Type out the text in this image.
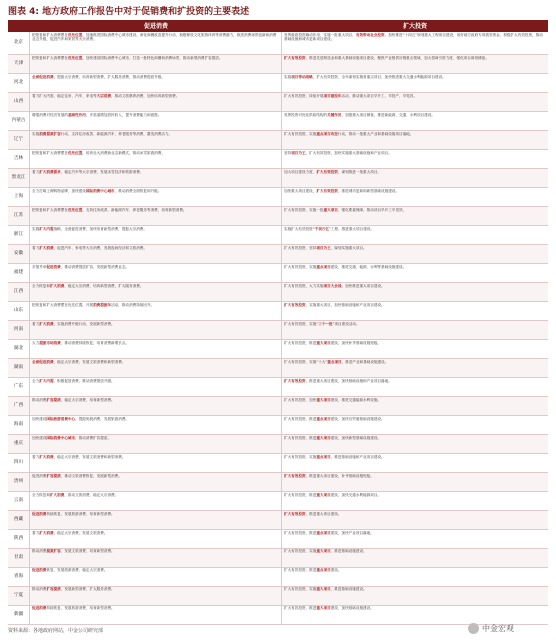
图表 4: 地方政府工作报告中对于促销费和扩投资的主要表述
促进消费	扩大投资
北京
把恢复和扩大消费摆在优先位置，加速推进国际消费中心城市建设。深化商圈改造提升行动，积极释放文化旅游体育等消费潜力，推进消费场景创新和消费业态升级，促进汽车和家居等大宗消费。
发挥政府投资撬动作用，实施一批重大项目，有效带动社会投资。加快推进“十四五”规划重大工程项目建设，用好地方政府专项债券资金，积极扩大有效投资，推动基础设施和城市更新项目建设。
天津
把恢复和扩大消费摆在优先位置，加快建设国际消费中心城市，打造一批特色商圈和消费场景，推动新型消费扩容提质。	扩大有效投资，推进先进制造业和重大基础设施项目建设，聚焦产业链供应链重点领域，加大招商引资力度，强化项目谋划储备。
河北
全面促进消费，提振大宗消费，培育新型消费，扩大服务消费，推动消费提质升级。	实施项目带动战略，扩大有效投资，全年谋划实施省重点项目，加快推进重大交通水利能源项目建设。
山西
着力扩大内需，稳定住房、汽车、家电等大宗消费，推动文旅康养消费，加快培育新型消费。	扩大有效投资，持续开展项目建设年活动，推动重大项目早开工、早投产、早见效。
内蒙古
增强消费对经济发展的基础性作用，多渠道增加居民收入，提升消费能力和意愿。	发挥投资对优化供给结构的关键作用，加强重大项目储备，推进新能源、交通、水利项目建设。
辽宁
实施消费提质扩容行动，支持住房改善、新能源汽车、养老服务等消费，激发消费活力。	扩大有效投资，实施重点项目攻坚行动，推动一批重大产业和基础设施项目落地。
吉林
把恢复和扩大消费摆在优先位置，培育壮大消费新业态新模式，推动冰雪旅游消费。	坚持项目为王，扩大有效投资，加快实施重大基础设施和产业项目。
黑龙江
着力扩大消费需求，稳定汽车等大宗消费，发展冰雪经济和旅游消费。	加大项目建设力度，扩大有效投资，谋划推进一批重大项目。
上海
全力打响上海购物品牌，加快建设国际消费中心城市，推动消费全面恢复和升级。	加快重大项目建设，扩大有效投资，推进城市更新和新型基础设施建设。
江苏
把恢复和扩大消费摆在优先位置，支持住房改善、新能源汽车、养老服务等消费，培育新型消费。	扩大有效投资，实施一批重大项目，强化要素保障，推动项目早开工早见效。
浙江
实施扩大内需战略，全面促进消费，加快培育新型消费，提振大宗消费。	实施扩大有效投资“千项万亿”工程，推进重大项目建设。
安徽
着力扩大消费，促进汽车、家电等大宗消费，发展夜间经济和文旅消费。	扩大有效投资，坚持项目为王，谋划实施重大项目。
福建
多措并举促进消费，推动消费提质扩容，发展新型消费业态。	扩大有效投资，实施重点项目建设，推进交通、能源、水利等基础设施建设。
江西
全力恢复和扩大消费，稳定大宗消费，培育新型消费，扩大服务消费。	扩大有效投资，大力实施项目大会战，加快推进重大项目建设。
山东
把恢复和扩大消费摆在优先位置，开展消费提振年活动，推动消费持续回升。	扩大有效投资，实施重大项目，加快基础设施和产业项目建设。
河南
着力扩大消费，实施消费升级行动，发展新型消费。	扩大有效投资，实施“三个一批”项目建设活动。
湖北
大力提振市场消费，推动消费持续恢复，培育消费新增长点。	扩大有效投资，推进重大项目建设，加快补齐基础设施短板。
湖南
全面促进消费，稳定大宗消费，发展文旅消费和新型消费。	扩大有效投资，实施“十大”重点项目，推进产业和基础设施建设。
广东
全力扩大内需，积极促进消费，推动消费提质升级。	扩大有效投资，推进重大项目建设，加快基础设施和产业项目落地。
广西
推动消费扩容提质，稳定大宗消费，培育新型消费。	扩大有效投资，加快重大项目建设，推进交通能源水利设施。
海南
加快建设国际旅游消费中心，提振免税消费，发展旅游消费。	扩大有效投资，推进重点项目建设，加快自贸港基础设施建设。
重庆
加快建设国际消费中心城市，推动消费扩容提质。	扩大有效投资，推进重大项目建设，加快新型基础设施建设。
四川
着力扩大消费，稳定大宗消费，发展文旅消费和新型消费。	扩大有效投资，实施重点项目，推进基础设施和产业项目建设。
贵州
促进消费扩容提质，推动文旅消费恢复，发展新型消费。	扩大有效投资，推进重大项目建设，补齐基础设施短板。
云南
全力恢复和扩大消费，推动文旅消费，稳定大宗消费。	扩大有效投资，推进重大项目建设，加快交通水利能源项目。
西藏
促进消费持续恢复，发展旅游消费，培育新型消费。	扩大有效投资，推进重大项目建设。
陕西
着力扩大消费，稳定大宗消费，发展文旅消费。	扩大有效投资，推进重点项目建设，加快产业项目落地。
甘肃
推动消费提质扩容，发展文旅消费，培育新型消费。	扩大有效投资，实施重大项目，推进基础设施建设。
青海
促进消费恢复，发展旅游消费，稳定大宗消费。	扩大有效投资，推进重点项目建设。
宁夏
推动消费扩容提质，发展新型消费，扩大服务消费。	扩大有效投资，实施重大项目，推进基础设施建设。
新疆
促进消费持续恢复，发展旅游消费，培育新型消费。	扩大有效投资，推进重大项目建设，加快基础设施建设。
资料来源：各地政府网站，中金公司研究部	中金宏观
